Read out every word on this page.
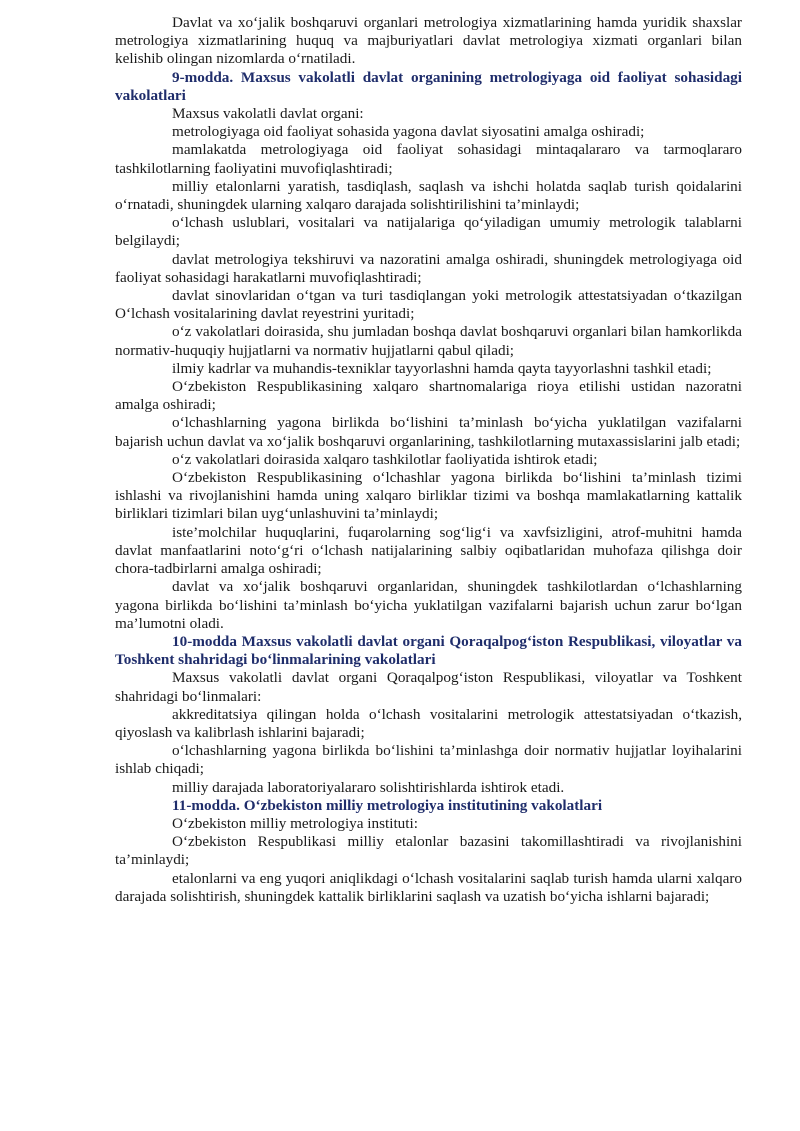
Davlat va xo‘jalik boshqaruvi organlari metrologiya xizmatlarining hamda yuridik shaxslar metrologiya xizmatlarining huquq va majburiyatlari davlat metrologiya xizmati organlari bilan kelishib olingan nizomlarda o‘rnatiladi.

9-modda. Maxsus vakolatli davlat organining metrologiyaga oid faoliyat sohasidagi vakolatlari

Maxsus vakolatli davlat organi:

metrologiyaga oid faoliyat sohasida yagona davlat siyosatini amalga oshiradi;

mamlakatda metrologiyaga oid faoliyat sohasidagi mintaqalararo va tarmoqlararo tashkilotlarning faoliyatini muvofiqlashtiradi;

milliy etalonlarni yaratish, tasdiqlash, saqlash va ishchi holatda saqlab turish qoidalarini o‘rnatadi, shuningdek ularning xalqaro darajada solishtirilishini ta’minlaydi;

o‘lchash uslublari, vositalari va natijalariga qo‘yiladigan umumiy metrologik talablarni belgilaydi;

davlat metrologiya tekshiruvi va nazoratini amalga oshiradi, shuningdek metrologiyaga oid faoliyat sohasidagi harakatlarni muvofiqlashtiradi;

davlat sinovlaridan o‘tgan va turi tasdiqlangan yoki metrologik attestatsiyadan o‘tkazilgan O‘lchash vositalarining davlat reyestrini yuritadi;

o‘z vakolatlari doirasida, shu jumladan boshqa davlat boshqaruvi organlari bilan hamkorlikda normativ-huquqiy hujjatlarni va normativ hujjatlarni qabul qiladi;

ilmiy kadrlar va muhandis-texniklar tayyorlashni hamda qayta tayyorlashni tashkil etadi;

O‘zbekiston Respublikasining xalqaro shartnomalariga rioya etilishi ustidan nazoratni amalga oshiradi;

o‘lchashlarning yagona birlikda bo‘lishini ta’minlash bo‘yicha yuklatilgan vazifalarni bajarish uchun davlat va xo‘jalik boshqaruvi organlarining, tashkilotlarning mutaxassislarini jalb etadi;

o‘z vakolatlari doirasida xalqaro tashkilotlar faoliyatida ishtirok etadi;

O‘zbekiston Respublikasining o‘lchashlar yagona birlikda bo‘lishini ta’minlash tizimi ishlashi va rivojlanishini hamda uning xalqaro birliklar tizimi va boshqa mamlakatlarning kattalik birliklari tizimlari bilan uyg‘unlashuvini ta’minlaydi;

iste’molchilar huquqlarini, fuqarolarning sog‘lig‘i va xavfsizligini, atrof-muhitni hamda davlat manfaatlarini noto‘g‘ri o‘lchash natijalarining salbiy oqibatlaridan muhofaza qilishga doir chora-tadbirlarni amalga oshiradi;

davlat va xo‘jalik boshqaruvi organlaridan, shuningdek tashkilotlardan o‘lchashlarning yagona birlikda bo‘lishini ta’minlash bo‘yicha yuklatilgan vazifalarni bajarish uchun zarur bo‘lgan ma’lumotni oladi.

10-modda Maxsus vakolatli davlat organi Qoraqalpog‘iston Respublikasi, viloyatlar va Toshkent shahridagi bo‘linmalarining vakolatlari

Maxsus vakolatli davlat organi Qoraqalpog‘iston Respublikasi, viloyatlar va Toshkent shahridagi bo‘linmalari:

akkreditatsiya qilingan holda o‘lchash vositalarini metrologik attestatsiyadan o‘tkazish, qiyoslash va kalibrlash ishlarini bajaradi;

o‘lchashlarning yagona birlikda bo‘lishini ta’minlashga doir normativ hujjatlar loyihalarini ishlab chiqadi;

milliy darajada laboratoriyalararo solishtirishlarda ishtirok etadi.

11-modda. O‘zbekiston milliy metrologiya institutining vakolatlari

O‘zbekiston milliy metrologiya instituti:

O‘zbekiston Respublikasi milliy etalonlar bazasini takomillashtiradi va rivojlanishini ta’minlaydi;

etalonlarni va eng yuqori aniqlikdagi o‘lchash vositalarini saqlab turish hamda ularni xalqaro darajada solishtirish, shuningdek kattalik birliklarini saqlash va uzatish bo‘yicha ishlarni bajaradi;
